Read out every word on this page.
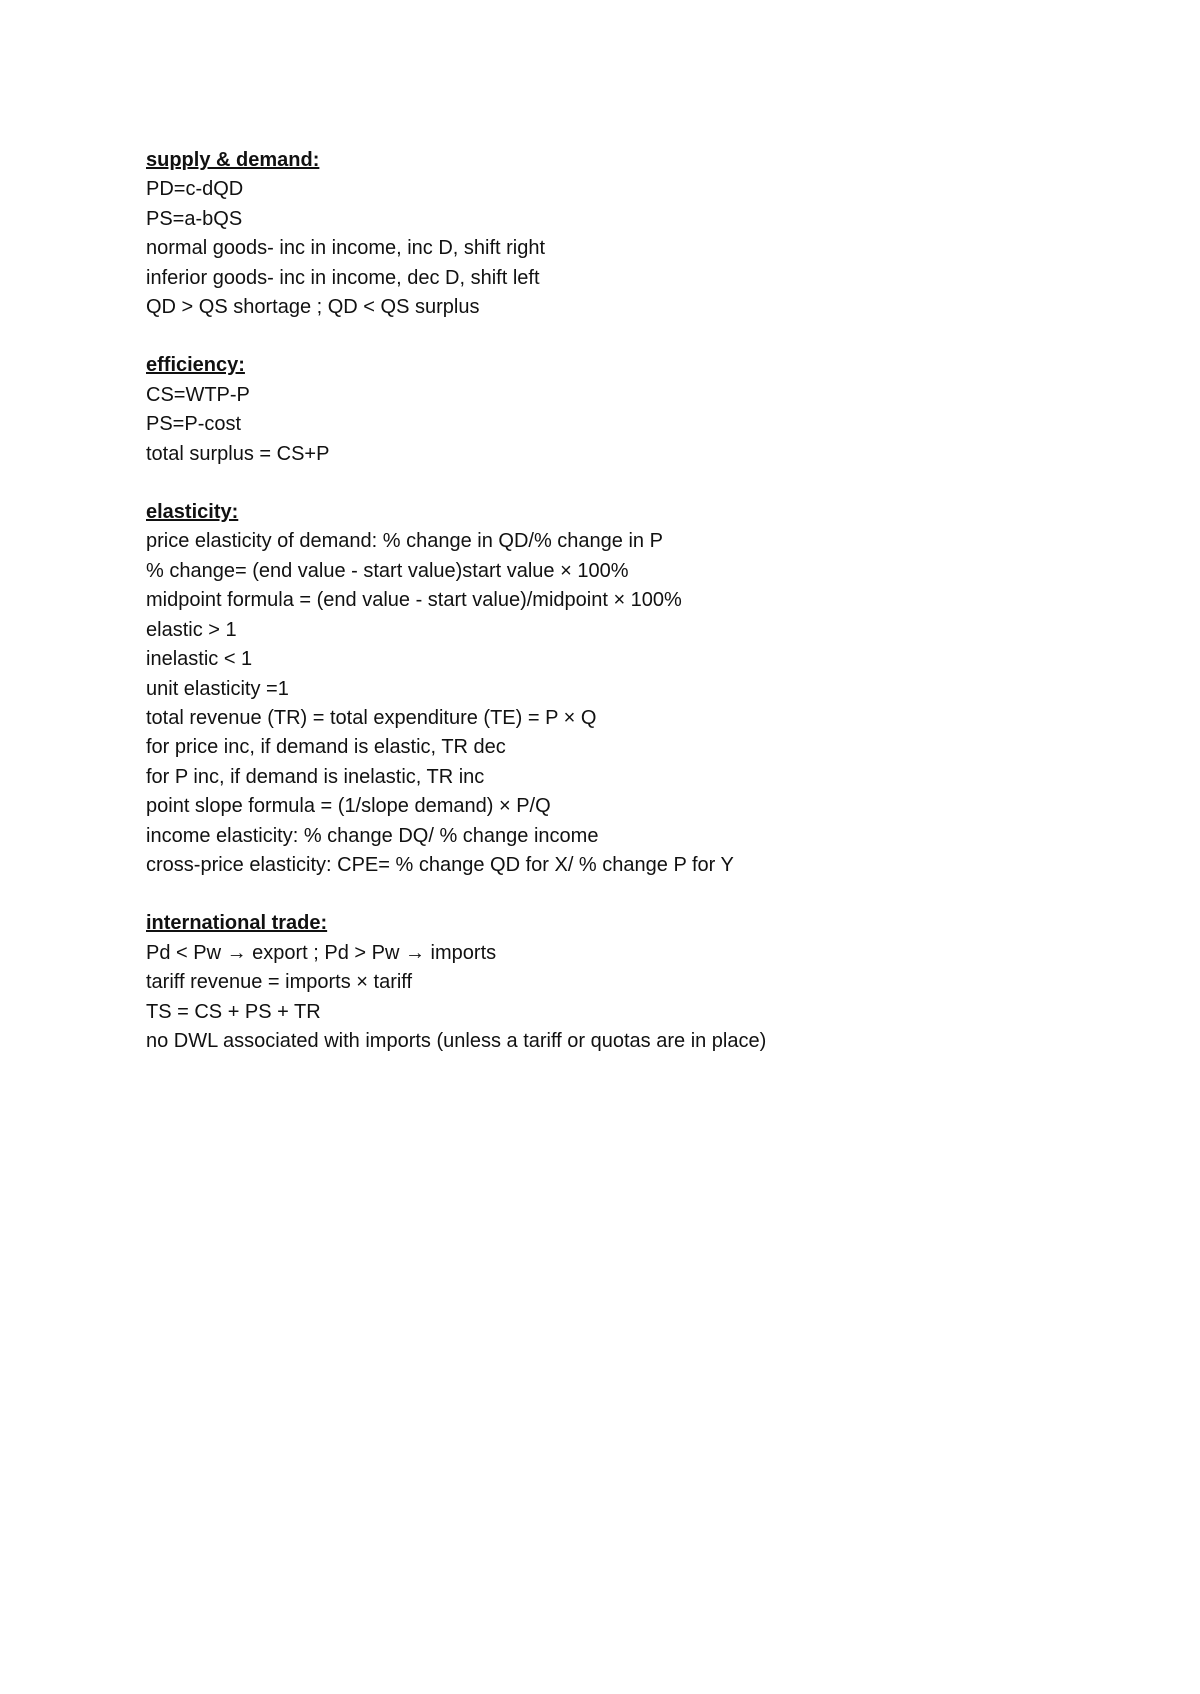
supply & demand:
PD=c-dQD
PS=a-bQS
normal goods- inc in income, inc D, shift right
inferior goods- inc in income, dec D, shift left
QD > QS shortage ; QD < QS surplus
efficiency:
CS=WTP-P
PS=P-cost
total surplus = CS+P
elasticity:
price elasticity of demand: % change in QD/% change in P
% change= (end value - start value)start value × 100%
midpoint formula = (end value - start value)/midpoint × 100%
elastic > 1
inelastic < 1
unit elasticity =1
total revenue (TR) = total expenditure (TE) = P × Q
for price inc, if demand is elastic, TR dec
for P inc, if demand is inelastic, TR inc
point slope formula = (1/slope demand) × P/Q
income elasticity: % change DQ/ % change income
cross-price elasticity: CPE= % change QD for X/ % change P for Y
international trade:
Pd < Pw → export ; Pd > Pw → imports
tariff revenue = imports × tariff
TS = CS + PS + TR
no DWL associated with imports (unless a tariff or quotas are in place)
